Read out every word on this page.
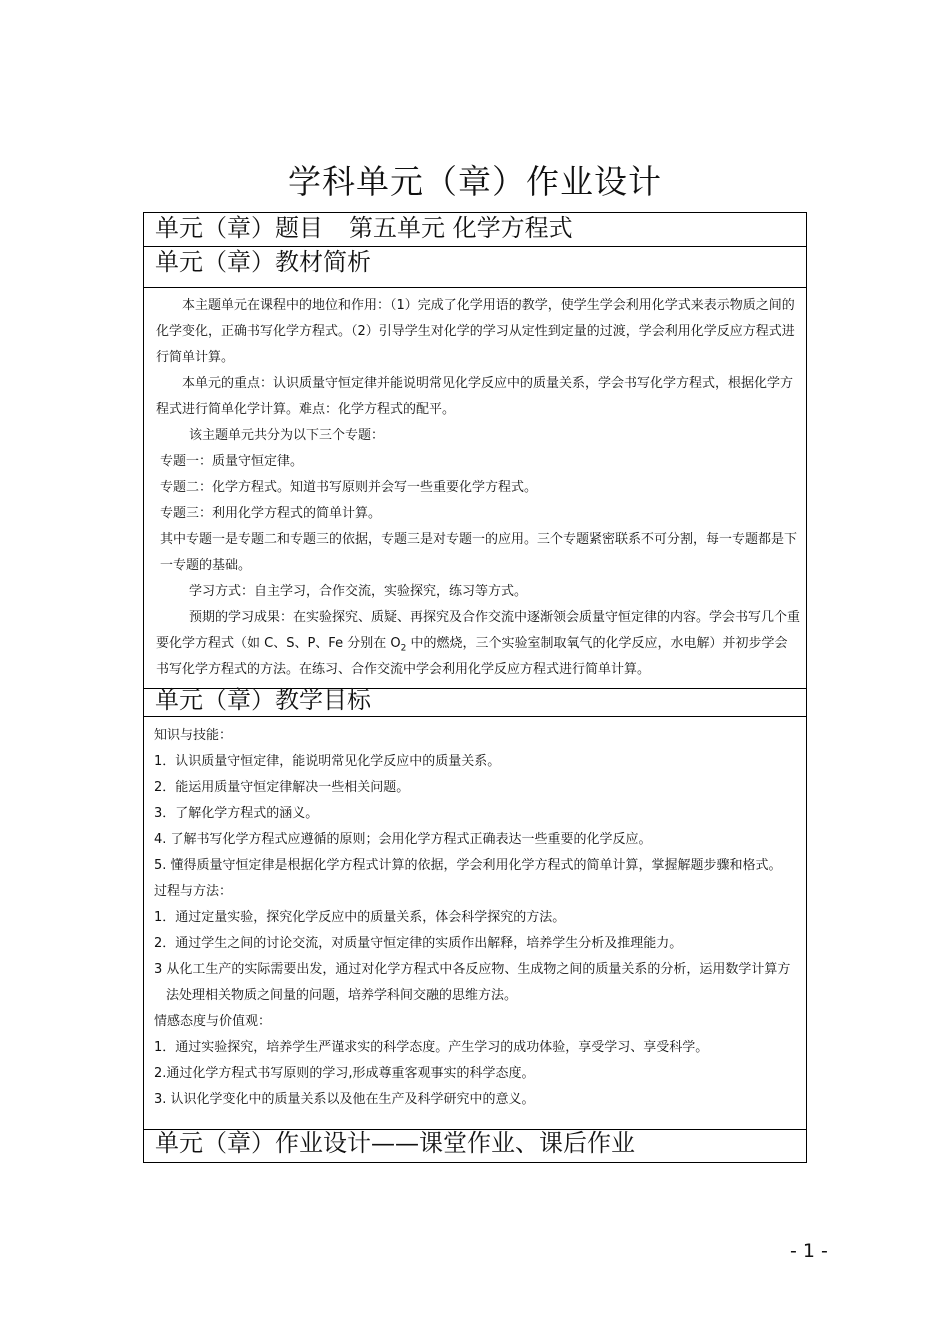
学科单元（章）作业设计
单元（章）题目 第五单元 化学方程式
单元（章）教材简析

本主题单元在课程中的地位和作用：（1）完成了化学用语的教学，使学生学会利用化学式来表示物质之间的化学变化，正确书写化学方程式。（2）引导学生对化学的学习从定性到定量的过渡，学会利用化学反应方程式进行简单计算。

本单元的重点：认识质量守恒定律并能说明常见化学反应中的质量关系，学会书写化学方程式，根据化学方程式进行简单化学计算。难点：化学方程式的配平。

该主题单元共分为以下三个专题：

专题一：质量守恒定律。

专题二：化学方程式。知道书写原则并会写一些重要化学方程式。

专题三：利用化学方程式的简单计算。

其中专题一是专题二和专题三的依据，专题三是对专题一的应用。三个专题紧密联系不可分割，每一专题都是下一专题的基础。

学习方式：自主学习，合作交流，实验探究，练习等方式。

预期的学习成果：在实验探究、质疑、再探究及合作交流中逐渐领会质量守恒定律的内容。学会书写几个重要化学方程式（如 C、S、P、Fe 分别在 $O_2$ 中的燃烧，三个实验室制取氧气的化学反应，水电解）并初步学会书写化学方程式的方法。在练习、合作交流中学会利用化学反应方程式进行简单计算。

单元（章）教学目标

知识与技能：

1．认识质量守恒定律，能说明常见化学反应中的质量关系。

2．能运用质量守恒定律解决一些相关问题。

3．了解化学方程式的涵义。

4. 了解书写化学方程式应遵循的原则；会用化学方程式正确表达一些重要的化学反应。

5. 懂得质量守恒定律是根据化学方程式计算的依据，学会利用化学方程式的简单计算，掌握解题步骤和格式。

过程与方法：

1．通过定量实验，探究化学反应中的质量关系，体会科学探究的方法。

2．通过学生之间的讨论交流，对质量守恒定律的实质作出解释，培养学生分析及推理能力。

3 从化工生产的实际需要出发，通过对化学方程式中各反应物、生成物之间的质量关系的分析，运用数学计算方法处理相关物质之间量的问题，培养学科间交融的思维方法。

情感态度与价值观：

1．通过实验探究，培养学生严谨求实的科学态度。产生学习的成功体验，享受学习、享受科学。

2.通过化学方程式书写原则的学习,形成尊重客观事实的科学态度。

3. 认识化学变化中的质量关系以及他在生产及科学研究中的意义。

单元（章）作业设计——课堂作业、课后作业
- 1 -
